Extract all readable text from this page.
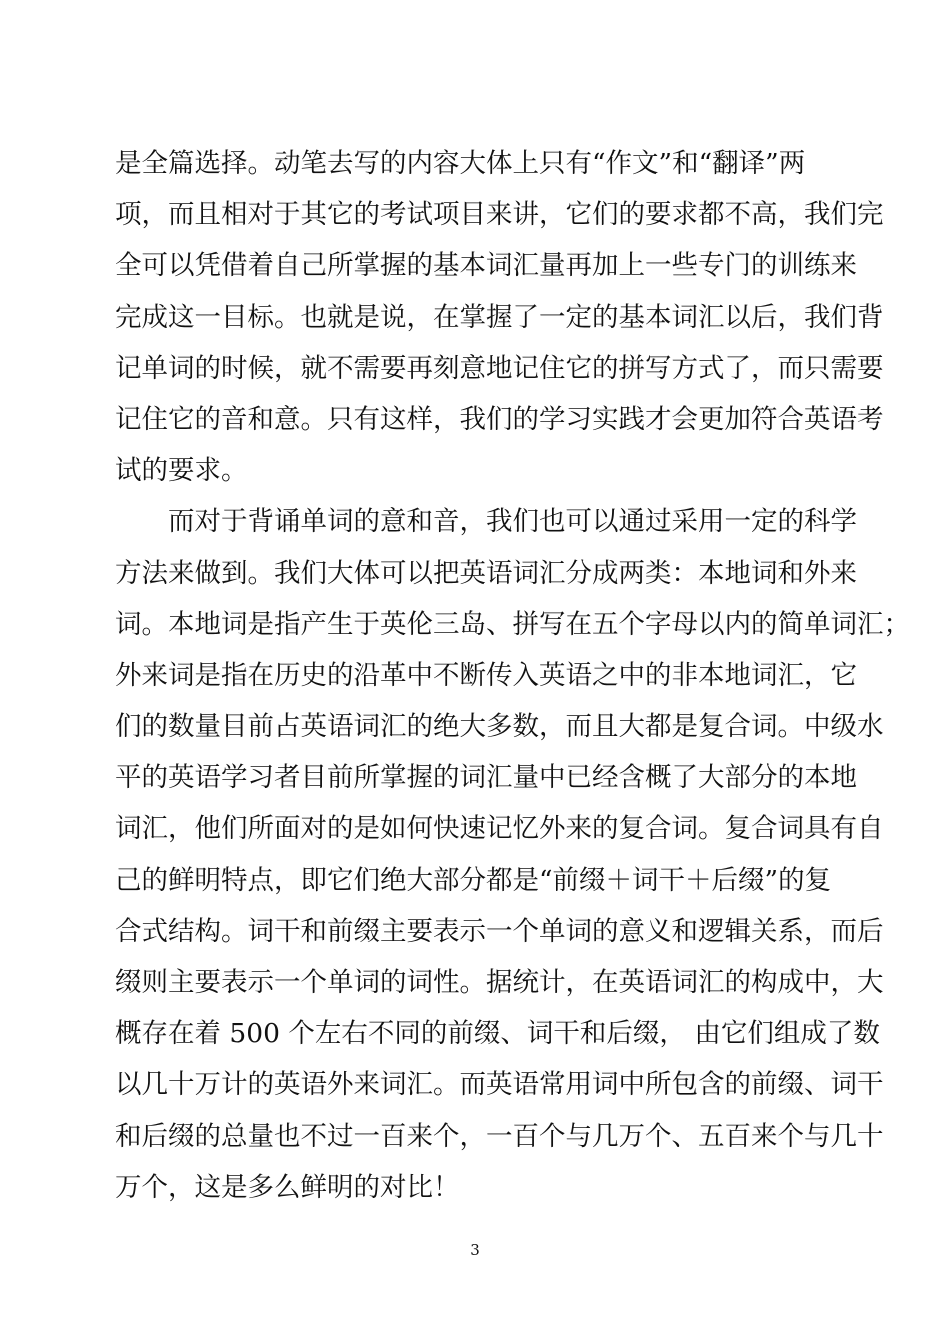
是全篇选择。动笔去写的内容大体上只有“作文”和“翻译”两
项，而且相对于其它的考试项目来讲，它们的要求都不高，我们完
全可以凭借着自己所掌握的基本词汇量再加上一些专门的训练来
完成这一目标。也就是说，在掌握了一定的基本词汇以后，我们背
记单词的时候，就不需要再刻意地记住它的拼写方式了，而只需要
记住它的音和意。只有这样，我们的学习实践才会更加符合英语考
试的要求。
而对于背诵单词的意和音，我们也可以通过采用一定的科学
方法来做到。我们大体可以把英语词汇分成两类：本地词和外来
词。本地词是指产生于英伦三岛、拼写在五个字母以内的简单词汇；
外来词是指在历史的沿革中不断传入英语之中的非本地词汇，它
们的数量目前占英语词汇的绝大多数，而且大都是复合词。中级水
平的英语学习者目前所掌握的词汇量中已经含概了大部分的本地
词汇，他们所面对的是如何快速记忆外来的复合词。复合词具有自
己的鲜明特点，即它们绝大部分都是“前缀＋词干＋后缀”的复
合式结构。词干和前缀主要表示一个单词的意义和逻辑关系，而后
缀则主要表示一个单词的词性。据统计，在英语词汇的构成中，大
概存在着 500 个左右不同的前缀、词干和后缀， 由它们组成了数
以几十万计的英语外来词汇。而英语常用词中所包含的前缀、词干
和后缀的总量也不过一百来个，一百个与几万个、五百来个与几十
万个，这是多么鲜明的对比！
3
